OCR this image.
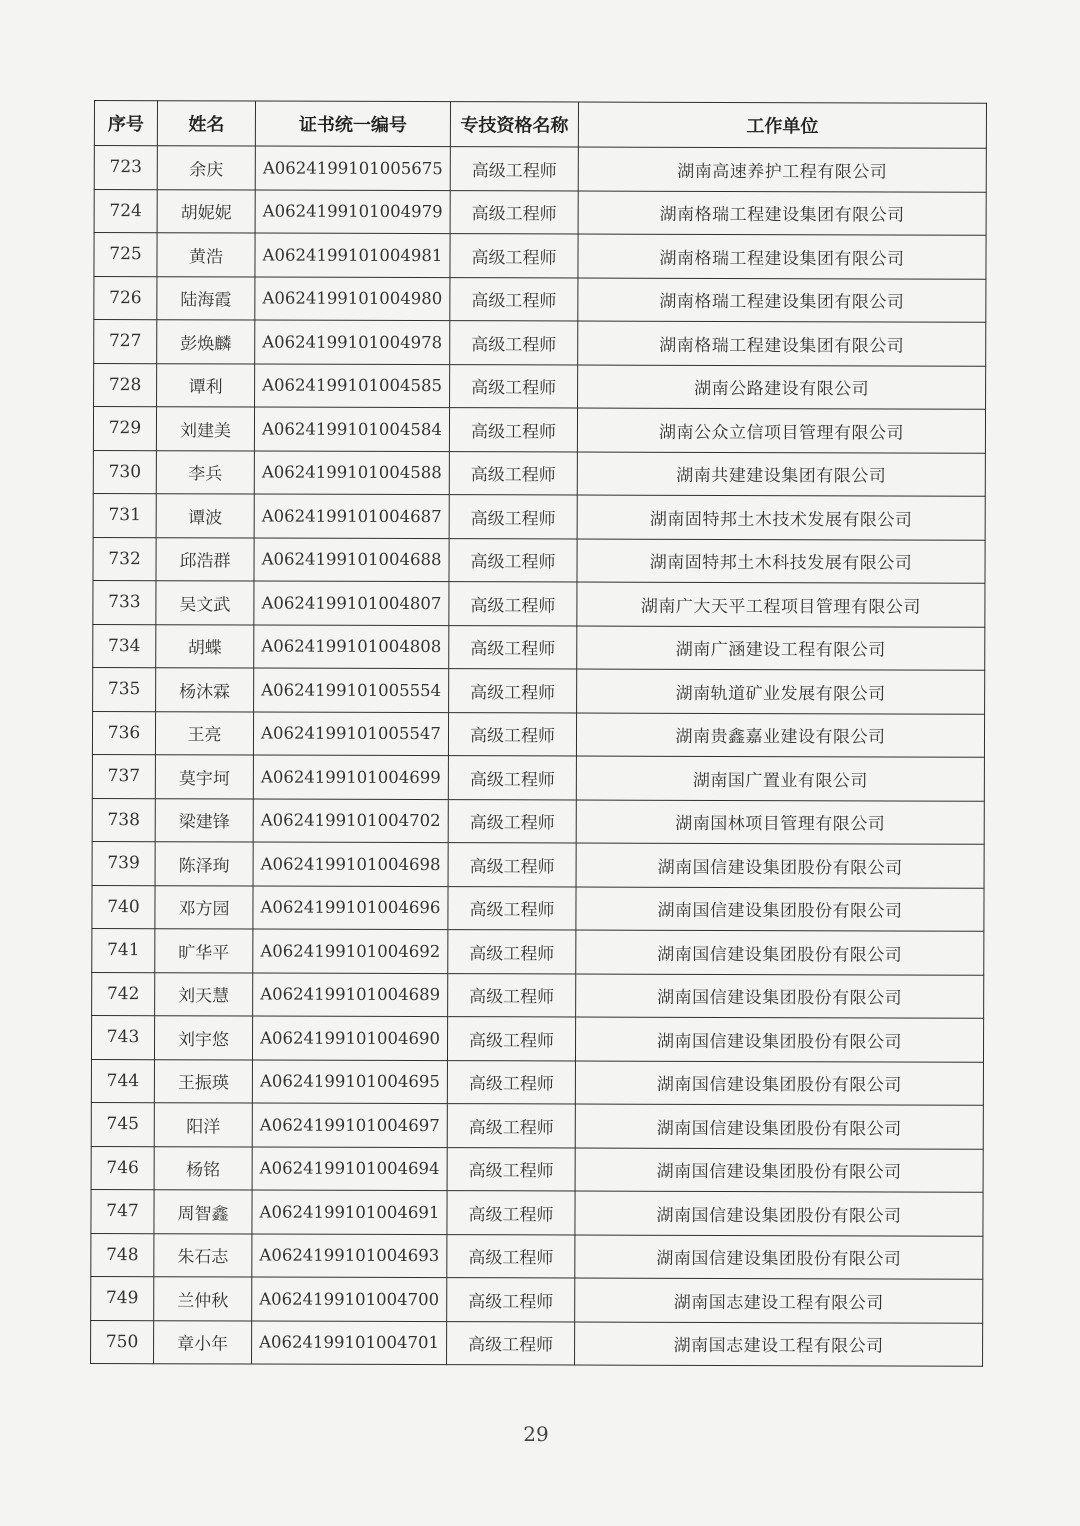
序号	姓名	证书统一编号	专技资格名称	工作单位
723	余庆	A0624199101005675	高级工程师	湖南高速养护工程有限公司
724	胡妮妮	A0624199101004979	高级工程师	湖南格瑞工程建设集团有限公司
725	黄浩	A0624199101004981	高级工程师	湖南格瑞工程建设集团有限公司
726	陆海霞	A0624199101004980	高级工程师	湖南格瑞工程建设集团有限公司
727	彭焕麟	A0624199101004978	高级工程师	湖南格瑞工程建设集团有限公司
728	谭利	A0624199101004585	高级工程师	湖南公路建设有限公司
729	刘建美	A0624199101004584	高级工程师	湖南公众立信项目管理有限公司
730	李兵	A0624199101004588	高级工程师	湖南共建建设集团有限公司
731	谭波	A0624199101004687	高级工程师	湖南固特邦土木技术发展有限公司
732	邱浩群	A0624199101004688	高级工程师	湖南固特邦土木科技发展有限公司
733	吴文武	A0624199101004807	高级工程师	湖南广大天平工程项目管理有限公司
734	胡蝶	A0624199101004808	高级工程师	湖南广涵建设工程有限公司
735	杨沐霖	A0624199101005554	高级工程师	湖南轨道矿业发展有限公司
736	王亮	A0624199101005547	高级工程师	湖南贵鑫嘉业建设有限公司
737	莫宇坷	A0624199101004699	高级工程师	湖南国广置业有限公司
738	梁建锋	A0624199101004702	高级工程师	湖南国林项目管理有限公司
739	陈泽珣	A0624199101004698	高级工程师	湖南国信建设集团股份有限公司
740	邓方园	A0624199101004696	高级工程师	湖南国信建设集团股份有限公司
741	旷华平	A0624199101004692	高级工程师	湖南国信建设集团股份有限公司
742	刘天慧	A0624199101004689	高级工程师	湖南国信建设集团股份有限公司
743	刘宇悠	A0624199101004690	高级工程师	湖南国信建设集团股份有限公司
744	王振瑛	A0624199101004695	高级工程师	湖南国信建设集团股份有限公司
745	阳洋	A0624199101004697	高级工程师	湖南国信建设集团股份有限公司
746	杨铭	A0624199101004694	高级工程师	湖南国信建设集团股份有限公司
747	周智鑫	A0624199101004691	高级工程师	湖南国信建设集团股份有限公司
748	朱石志	A0624199101004693	高级工程师	湖南国信建设集团股份有限公司
749	兰仲秋	A0624199101004700	高级工程师	湖南国志建设工程有限公司
750	章小年	A0624199101004701	高级工程师	湖南国志建设工程有限公司
29
